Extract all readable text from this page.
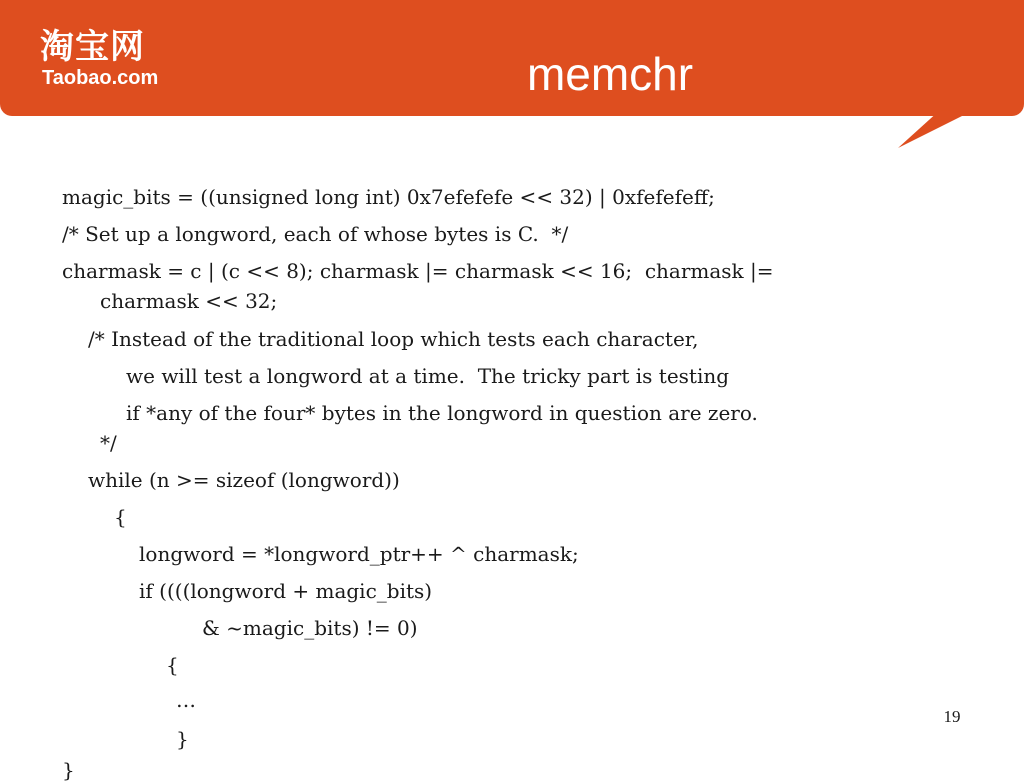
淘宝网
Taobao.com	memchr
magic_bits = ((unsigned long int) 0x7efefefe << 32) | 0xfefefeff;
/* Set up a longword, each of whose bytes is C.  */
charmask = c | (c << 8); charmask |= charmask << 16;  charmask |=
charmask << 32;
/* Instead of the traditional loop which tests each character,
we will test a longword at a time.  The tricky part is testing
if *any of the four* bytes in the longword in question are zero.
*/
while (n >= sizeof (longword))
{
longword = *longword_ptr++ ^ charmask;
if ((((longword + magic_bits)
& ~magic_bits) != 0)
{
…
}
}
19
